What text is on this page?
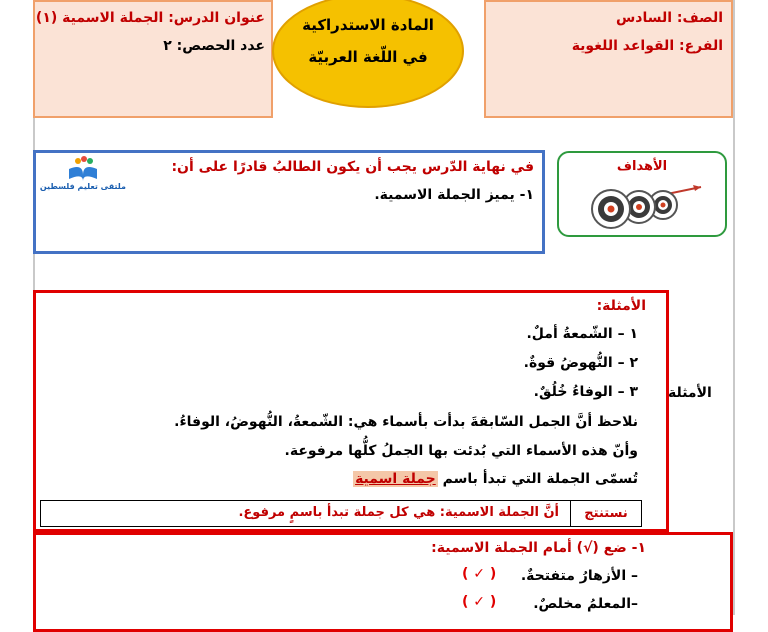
الصف: السادس
الفرع: القواعد اللغوية
عنوان الدرس: الجملة الاسمية (١)
عدد الحصص: ٢
المادة الاستدراكية
في اللّغة العربيّة
الأهداف
في نهاية الدّرس يجب أن يكون الطالبُ قادرًا على أن:
١- يميز الجملة الاسمية.
ملتقى تعليم فلسطين
الأمثلة
الأمثلة:
١ – الشّمعةُ أملٌ.
٢ – النُّهوضُ قوةٌ.
٣ – الوفاءُ خُلُقٌ.
نلاحظ أنَّ الجمل السّابقةَ بدأت بأسماء هي: الشّمعةُ، النُّهوضُ، الوفاءُ.
وأنّ هذه الأسماء التي بُدئت بها الجملُ كلُّها مرفوعة.
تُسمّى الجملة التي تبدأ باسم جملة اسمية
نستنتج
أنَّ الجملة الاسمية: هي كل جملة تبدأ باسمٍ مرفوع.
١- ضع (√) أمام الجملة الاسمية:
– الأزهارُ متفتحةٌ.
( ✓ )
–المعلمُ مخلصٌ.
( ✓ )
